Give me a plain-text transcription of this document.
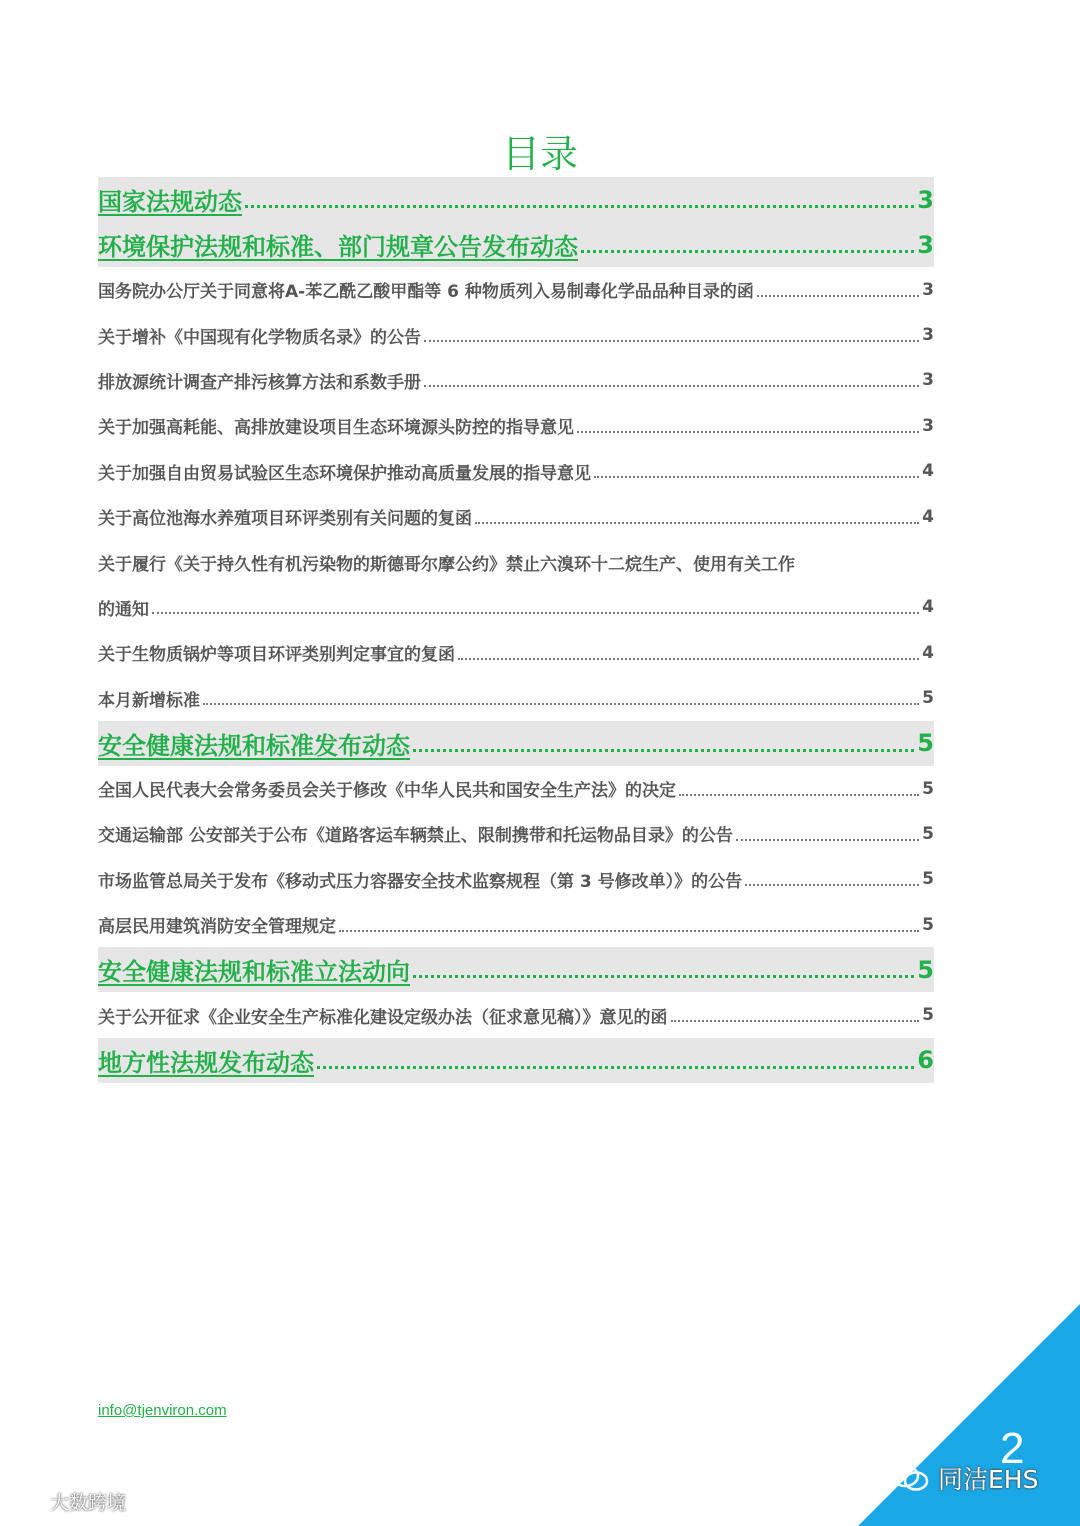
目录
国家法规动态	3
环境保护法规和标准、部门规章公告发布动态	3
国务院办公厅关于同意将A-苯乙酰乙酸甲酯等 6 种物质列入易制毒化学品品种目录的函	3
关于增补《中国现有化学物质名录》的公告	3
排放源统计调查产排污核算方法和系数手册	3
关于加强高耗能、高排放建设项目生态环境源头防控的指导意见	3
关于加强自由贸易试验区生态环境保护推动高质量发展的指导意见	4
关于高位池海水养殖项目环评类别有关问题的复函	4
关于履行《关于持久性有机污染物的斯德哥尔摩公约》禁止六溴环十二烷生产、使用有关工作
的通知	4
关于生物质锅炉等项目环评类别判定事宜的复函	4
本月新增标准	5
安全健康法规和标准发布动态	5
全国人民代表大会常务委员会关于修改《中华人民共和国安全生产法》的决定	5
交通运输部 公安部关于公布《道路客运车辆禁止、限制携带和托运物品目录》的公告	5
市场监管总局关于发布《移动式压力容器安全技术监察规程（第 3 号修改单）》的公告	5
高层民用建筑消防安全管理规定	5
安全健康法规和标准立法动向	5
关于公开征求《企业安全生产标准化建设定级办法（征求意见稿）》意见的函	5
地方性法规发布动态	6
info@tjenviron.com
2
同洁EHS
大数跨境
